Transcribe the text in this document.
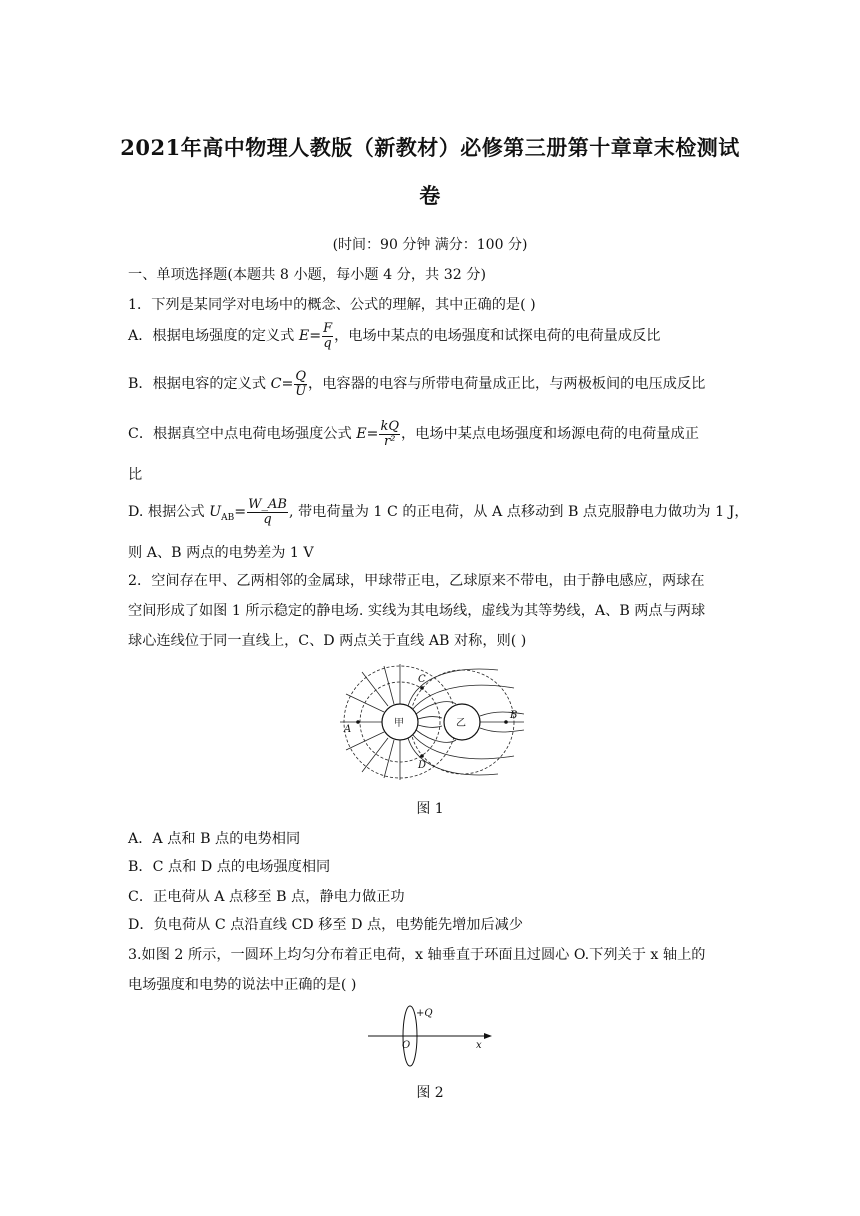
2021年高中物理人教版（新教材）必修第三册第十章章末检测试
卷
(时间：90 分钟 满分：100 分)
一、单项选择题(本题共 8 小题，每小题 4 分，共 32 分)
1．下列是某同学对电场中的概念、公式的理解，其中正确的是( )
A．根据电场强度的定义式 $E= \frac{F}{q}$ ，电场中某点的电场强度和试探电荷的电荷量成反比
B．根据电容的定义式 $C= \frac{Q}{U}$ ，电容器的电容与所带电荷量成正比，与两极板间的电压成反比
C．根据真空中点电荷电场强度公式 $E= \frac{kQ}{\text{r²}}$ ，电场中某点电场强度和场源电荷的电荷量成正
比
D. 根据公式 $U_{AB}= \frac{W\_AB}{q}$ , 带电荷量为 1 C 的正电荷，从 A 点移动到 B 点克服静电力做功为 1 J，
则 A、B 两点的电势差为 1 V
2．空间存在甲、乙两相邻的金属球，甲球带正电，乙球原来不带电，由于静电感应，两球在
空间形成了如图 1 所示稳定的静电场. 实线为其电场线，虚线为其等势线，A、B 两点与两球
球心连线位于同一直线上，C、D 两点关于直线 AB 对称，则( )
甲	乙
A
B
C
D
图 1
A．A 点和 B 点的电势相同
B．C 点和 D 点的电场强度相同
C．正电荷从 A 点移至 B 点，静电力做正功
D．负电荷从 C 点沿直线 CD 移至 D 点，电势能先增加后减少
3.如图 2 所示，一圆环上均匀分布着正电荷，x 轴垂直于环面且过圆心 O.下列关于 x 轴上的
电场强度和电势的说法中正确的是( )
+Q
O	x
图 2
